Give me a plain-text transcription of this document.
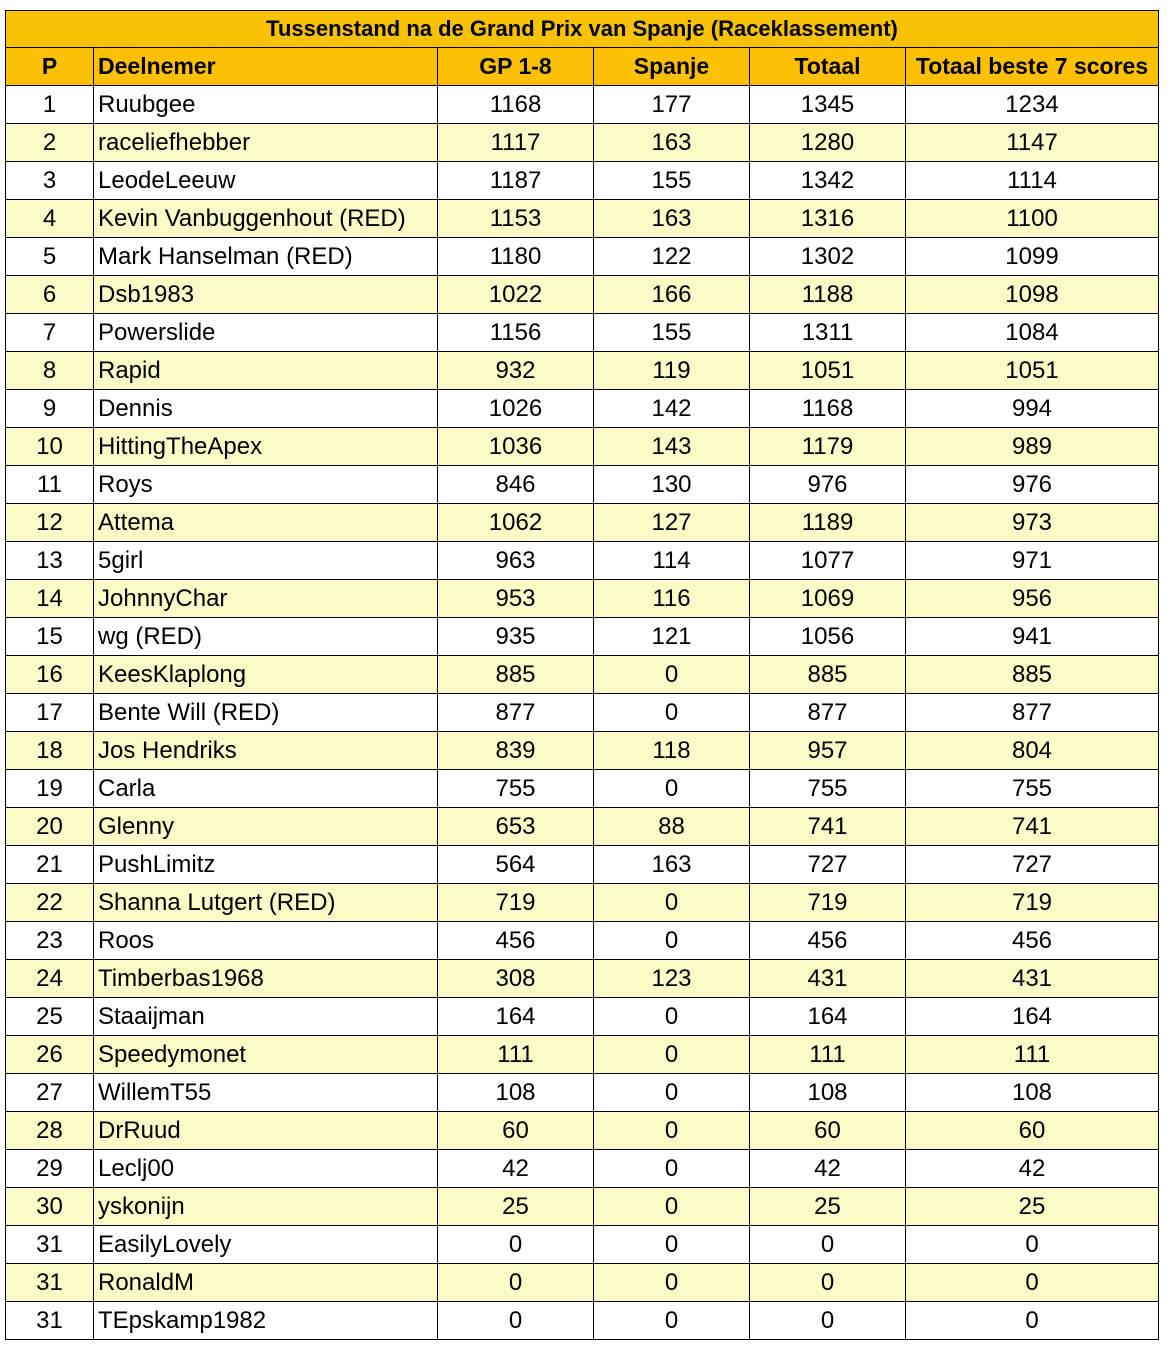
Tussenstand na de Grand Prix van Spanje (Raceklassement)					
P	Deelnemer	GP 1-8	Spanje	Totaal	Totaal beste 7 scores
1	Ruubgee	1168	177	1345	1234
2	raceliefhebber	1117	163	1280	1147
3	LeodeLeeuw	1187	155	1342	1114
4	Kevin Vanbuggenhout (RED)	1153	163	1316	1100
5	Mark Hanselman (RED)	1180	122	1302	1099
6	Dsb1983	1022	166	1188	1098
7	Powerslide	1156	155	1311	1084
8	Rapid	932	119	1051	1051
9	Dennis	1026	142	1168	994
10	HittingTheApex	1036	143	1179	989
11	Roys	846	130	976	976
12	Attema	1062	127	1189	973
13	5girl	963	114	1077	971
14	JohnnyChar	953	116	1069	956
15	wg (RED)	935	121	1056	941
16	KeesKlaplong	885	0	885	885
17	Bente Will (RED)	877	0	877	877
18	Jos Hendriks	839	118	957	804
19	Carla	755	0	755	755
20	Glenny	653	88	741	741
21	PushLimitz	564	163	727	727
22	Shanna Lutgert (RED)	719	0	719	719
23	Roos	456	0	456	456
24	Timberbas1968	308	123	431	431
25	Staaijman	164	0	164	164
26	Speedymonet	111	0	111	111
27	WillemT55	108	0	108	108
28	DrRuud	60	0	60	60
29	Leclj00	42	0	42	42
30	yskonijn	25	0	25	25
31	EasilyLovely	0	0	0	0
31	RonaldM	0	0	0	0
31	TEpskamp1982	0	0	0	0
